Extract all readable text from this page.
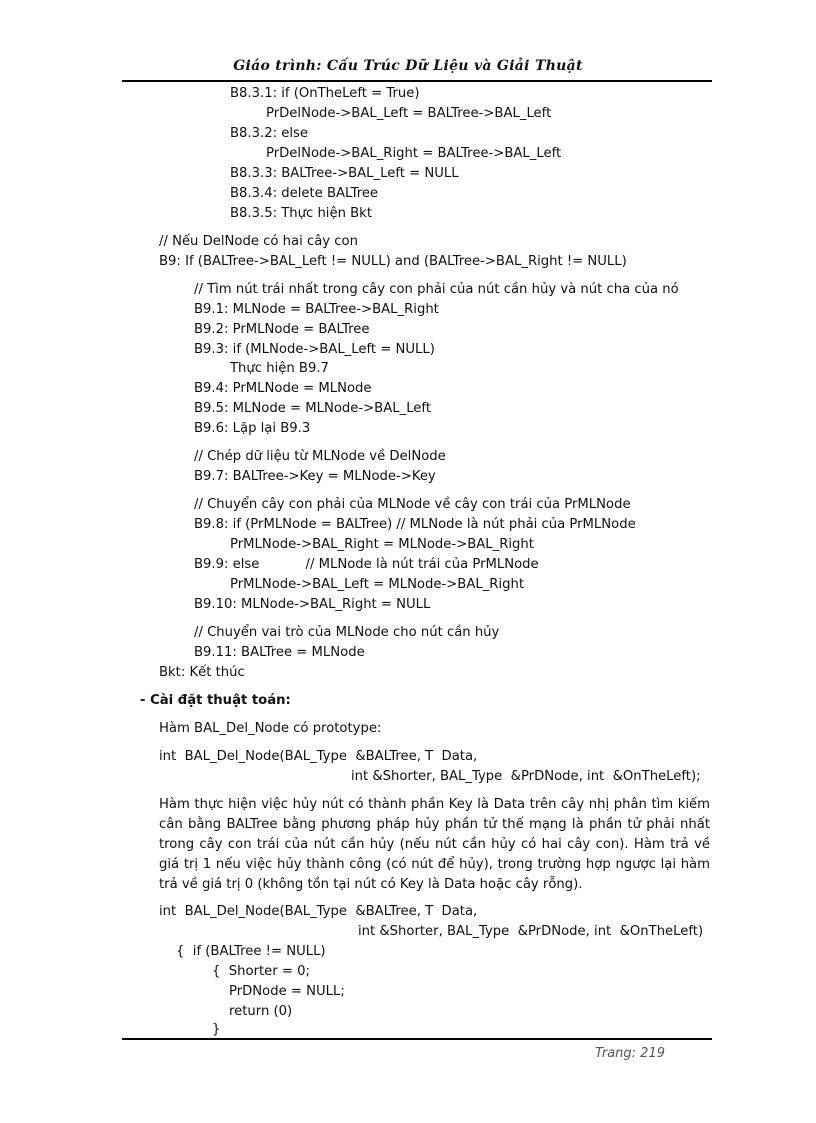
Giáo trình: Cấu Trúc Dữ Liệu và Giải Thuật
B8.3.1: if (OnTheLeft = True)
PrDelNode->BAL_Left = BALTree->BAL_Left
B8.3.2: else
PrDelNode->BAL_Right = BALTree->BAL_Left
B8.3.3: BALTree->BAL_Left = NULL
B8.3.4: delete BALTree
B8.3.5: Thực hiện Bkt
// Nếu DelNode có hai cây con
B9: If (BALTree->BAL_Left != NULL) and (BALTree->BAL_Right != NULL)
// Tìm nút trái nhất trong cây con phải của nút cần hủy và nút cha của nó
B9.1: MLNode = BALTree->BAL_Right
B9.2: PrMLNode = BALTree
B9.3: if (MLNode->BAL_Left = NULL)
Thực hiện B9.7
B9.4: PrMLNode = MLNode
B9.5: MLNode = MLNode->BAL_Left
B9.6: Lặp lại B9.3
// Chép dữ liệu từ MLNode về DelNode
B9.7: BALTree->Key = MLNode->Key
// Chuyển cây con phải của MLNode về cây con trái của PrMLNode
B9.8: if (PrMLNode = BALTree) // MLNode là nút phải của PrMLNode
PrMLNode->BAL_Right = MLNode->BAL_Right
B9.9: else           // MLNode là nút trái của PrMLNode
PrMLNode->BAL_Left = MLNode->BAL_Right
B9.10: MLNode->BAL_Right = NULL
// Chuyển vai trò của MLNode cho nút cần hủy
B9.11: BALTree = MLNode
Bkt: Kết thúc
- Cài đặt thuật toán:
Hàm BAL_Del_Node có prototype:
int  BAL_Del_Node(BAL_Type  &BALTree, T  Data,
int &Shorter, BAL_Type  &PrDNode, int  &OnTheLeft);
Hàm thực hiện việc hủy nút có thành phần Key là Data trên cây nhị phân tìm kiếm cân bằng BALTree bằng phương pháp hủy phần tử thế mạng là phần tử phải nhất trong cây con trái của nút cần hủy (nếu nút cần hủy có hai cây con). Hàm trả về giá trị 1 nếu việc hủy thành công (có nút để hủy), trong trường hợp ngược lại hàm trả về giá trị 0 (không tồn tại nút có Key là Data hoặc cây rỗng).
int  BAL_Del_Node(BAL_Type  &BALTree, T  Data,
int &Shorter, BAL_Type  &PrDNode, int  &OnTheLeft)
{  if (BALTree != NULL)
{  Shorter = 0;
PrDNode = NULL;
return (0)
}
Trang: 219
